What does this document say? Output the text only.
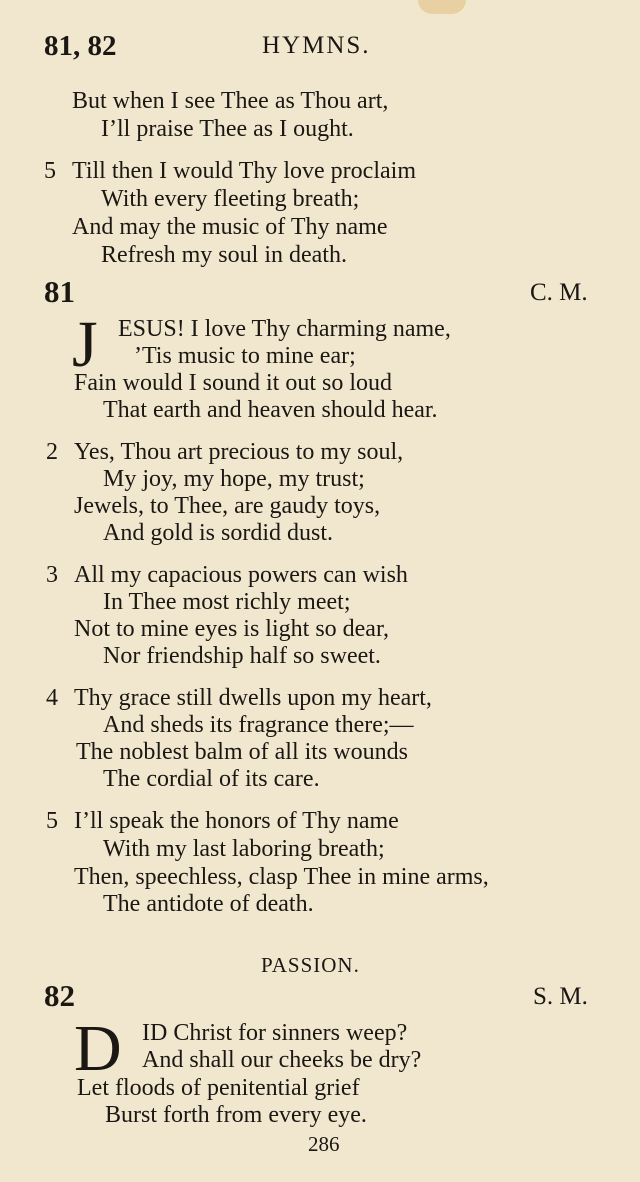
81, 82	HYMNS.
But when I see Thee as Thou art,
I’ll praise Thee as I ought.
5 Till then I would Thy love proclaim
With every fleeting breath;
And may the music of Thy name
Refresh my soul in death.
81	C. M.
J ESUS! I love Thy charming name,
’Tis music to mine ear;
Fain would I sound it out so loud
That earth and heaven should hear.
2 Yes, Thou art precious to my soul,
My joy, my hope, my trust;
Jewels, to Thee, are gaudy toys,
And gold is sordid dust.
3 All my capacious powers can wish
In Thee most richly meet;
Not to mine eyes is light so dear,
Nor friendship half so sweet.
4 Thy grace still dwells upon my heart,
And sheds its fragrance there;—
The noblest balm of all its wounds
The cordial of its care.
5 I’ll speak the honors of Thy name
With my last laboring breath;
Then, speechless, clasp Thee in mine arms,
The antidote of death.
PASSION.
82	S. M.
D ID Christ for sinners weep?
And shall our cheeks be dry?
Let floods of penitential grief
Burst forth from every eye.
286
